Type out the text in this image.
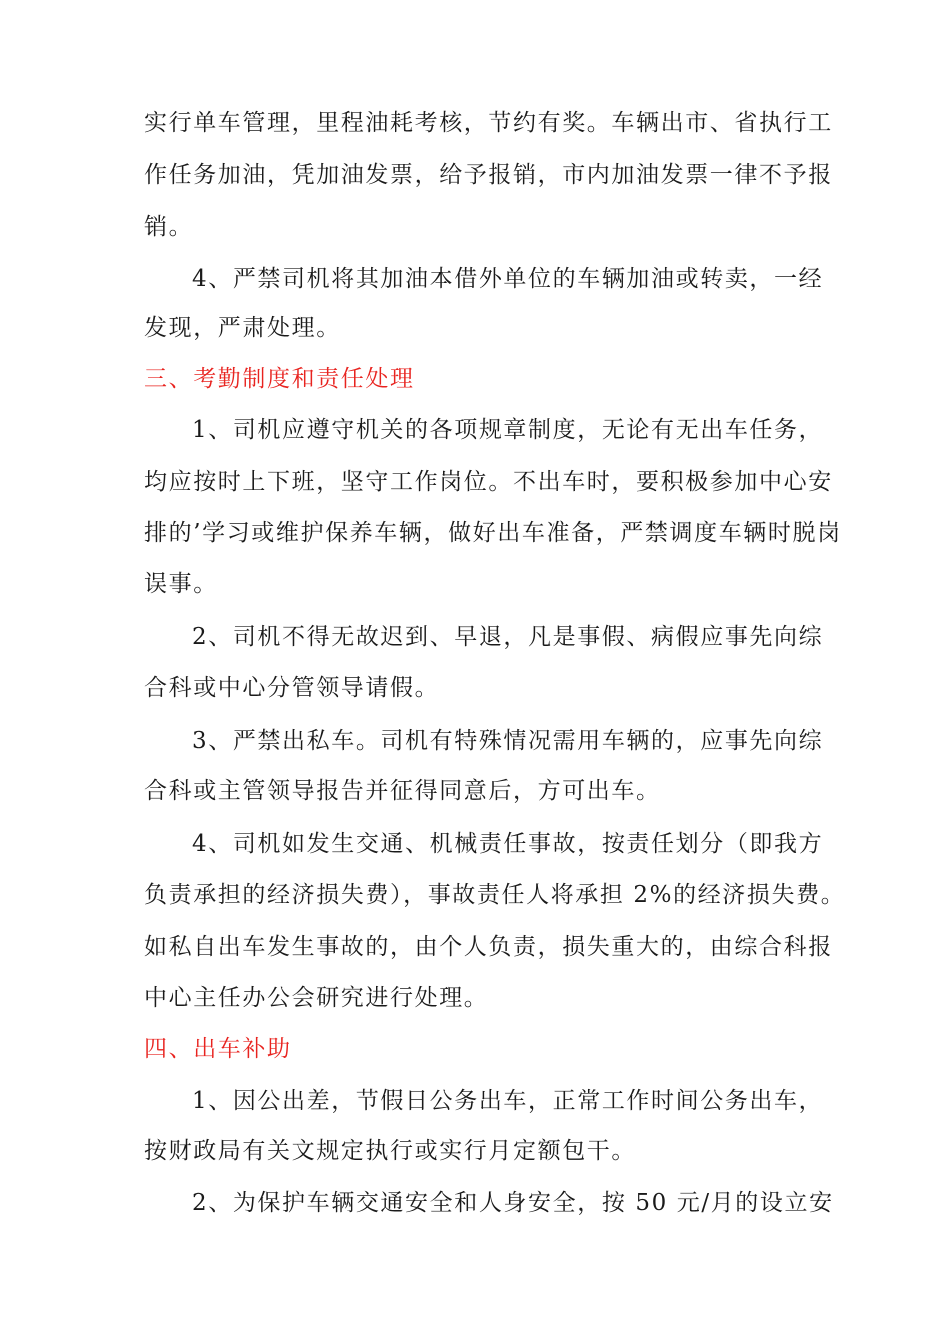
实行单车管理，里程油耗考核，节约有奖。车辆出市、省执行工
作任务加油，凭加油发票，给予报销，市内加油发票一律不予报
销。
4、严禁司机将其加油本借外单位的车辆加油或转卖，一经
发现，严肃处理。
三、考勤制度和责任处理
1、司机应遵守机关的各项规章制度，无论有无出车任务，
均应按时上下班，坚守工作岗位。不出车时，要积极参加中心安
排的’学习或维护保养车辆，做好出车准备，严禁调度车辆时脱岗
误事。
2、司机不得无故迟到、早退，凡是事假、病假应事先向综
合科或中心分管领导请假。
3、严禁出私车。司机有特殊情况需用车辆的，应事先向综
合科或主管领导报告并征得同意后，方可出车。
4、司机如发生交通、机械责任事故，按责任划分（即我方
负责承担的经济损失费），事故责任人将承担 2%的经济损失费。
如私自出车发生事故的，由个人负责，损失重大的，由综合科报
中心主任办公会研究进行处理。
四、出车补助
1、因公出差，节假日公务出车，正常工作时间公务出车，
按财政局有关文规定执行或实行月定额包干。
2、为保护车辆交通安全和人身安全，按 50 元/月的设立安
